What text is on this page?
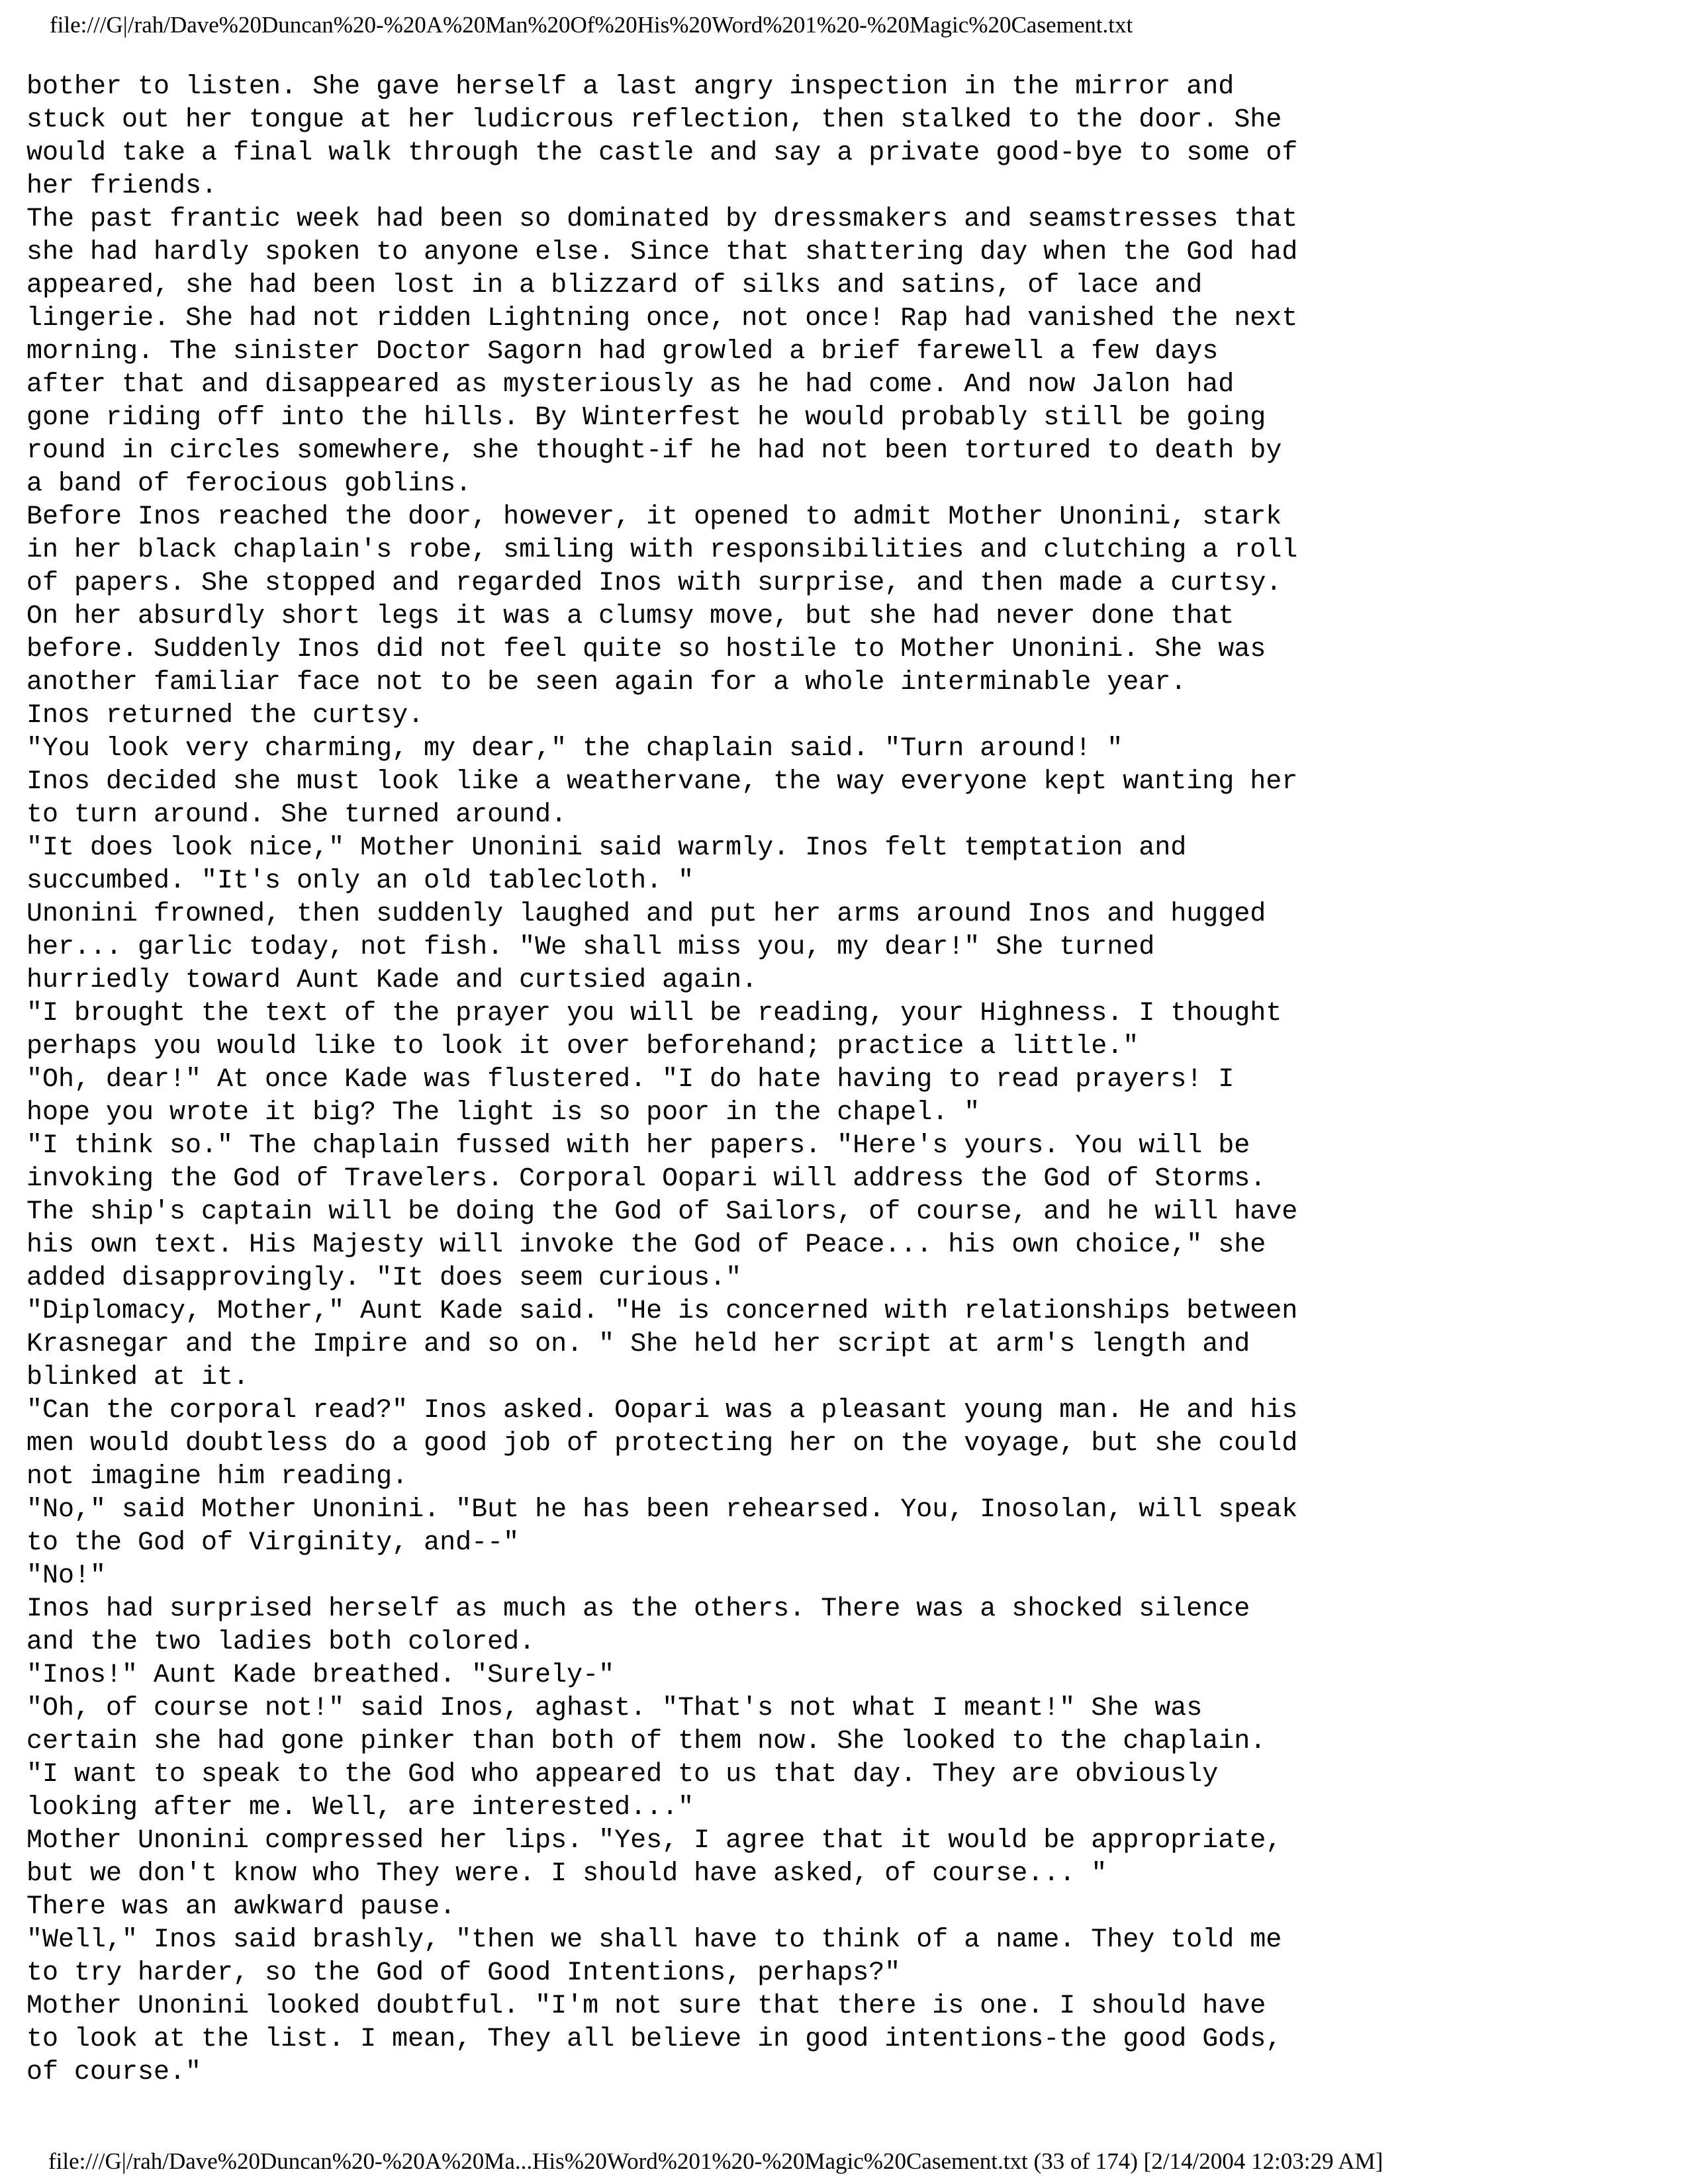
file:///G|/rah/Dave%20Duncan%20-%20A%20Man%20Of%20His%20Word%201%20-%20Magic%20Casement.txt
bother to listen. She gave herself a last angry inspection in the mirror and
stuck out her tongue at her ludicrous reflection, then stalked to the door. She
would take a final walk through the castle and say a private good-bye to some of
her friends.
The past frantic week had been so dominated by dressmakers and seamstresses that
she had hardly spoken to anyone else. Since that shattering day when the God had
appeared, she had been lost in a blizzard of silks and satins, of lace and
lingerie. She had not ridden Lightning once, not once! Rap had vanished the next
morning. The sinister Doctor Sagorn had growled a brief farewell a few days
after that and disappeared as mysteriously as he had come. And now Jalon had
gone riding off into the hills. By Winterfest he would probably still be going
round in circles somewhere, she thought-if he had not been tortured to death by
a band of ferocious goblins.
Before Inos reached the door, however, it opened to admit Mother Unonini, stark
in her black chaplain's robe, smiling with responsibilities and clutching a roll
of papers. She stopped and regarded Inos with surprise, and then made a curtsy.
On her absurdly short legs it was a clumsy move, but she had never done that
before. Suddenly Inos did not feel quite so hostile to Mother Unonini. She was
another familiar face not to be seen again for a whole interminable year.
Inos returned the curtsy.
"You look very charming, my dear," the chaplain said. "Turn around! "
Inos decided she must look like a weathervane, the way everyone kept wanting her
to turn around. She turned around.
"It does look nice," Mother Unonini said warmly. Inos felt temptation and
succumbed. "It's only an old tablecloth. "
Unonini frowned, then suddenly laughed and put her arms around Inos and hugged
her... garlic today, not fish. "We shall miss you, my dear!" She turned
hurriedly toward Aunt Kade and curtsied again.
"I brought the text of the prayer you will be reading, your Highness. I thought
perhaps you would like to look it over beforehand; practice a little."
"Oh, dear!" At once Kade was flustered. "I do hate having to read prayers! I
hope you wrote it big? The light is so poor in the chapel. "
"I think so." The chaplain fussed with her papers. "Here's yours. You will be
invoking the God of Travelers. Corporal Oopari will address the God of Storms.
The ship's captain will be doing the God of Sailors, of course, and he will have
his own text. His Majesty will invoke the God of Peace... his own choice," she
added disapprovingly. "It does seem curious."
"Diplomacy, Mother," Aunt Kade said. "He is concerned with relationships between
Krasnegar and the Impire and so on. " She held her script at arm's length and
blinked at it.
"Can the corporal read?" Inos asked. Oopari was a pleasant young man. He and his
men would doubtless do a good job of protecting her on the voyage, but she could
not imagine him reading.
"No," said Mother Unonini. "But he has been rehearsed. You, Inosolan, will speak
to the God of Virginity, and--"
"No!"
Inos had surprised herself as much as the others. There was a shocked silence
and the two ladies both colored.
"Inos!" Aunt Kade breathed. "Surely-"
"Oh, of course not!" said Inos, aghast. "That's not what I meant!" She was
certain she had gone pinker than both of them now. She looked to the chaplain.
"I want to speak to the God who appeared to us that day. They are obviously
looking after me. Well, are interested..."
Mother Unonini compressed her lips. "Yes, I agree that it would be appropriate,
but we don't know who They were. I should have asked, of course... "
There was an awkward pause.
"Well," Inos said brashly, "then we shall have to think of a name. They told me
to try harder, so the God of Good Intentions, perhaps?"
Mother Unonini looked doubtful. "I'm not sure that there is one. I should have
to look at the list. I mean, They all believe in good intentions-the good Gods,
of course."
file:///G|/rah/Dave%20Duncan%20-%20A%20Ma...His%20Word%201%20-%20Magic%20Casement.txt (33 of 174) [2/14/2004 12:03:29 AM]
